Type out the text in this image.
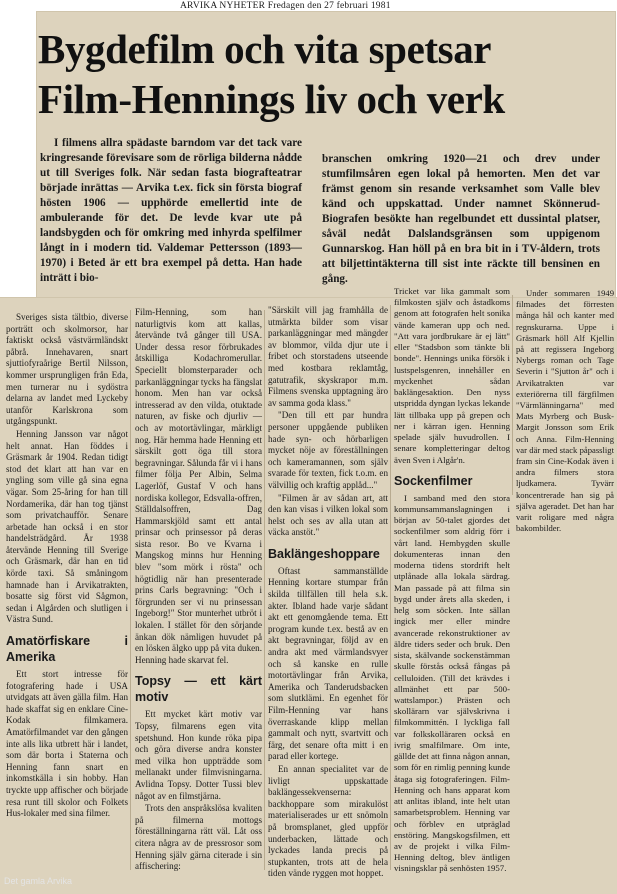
ARVIKA NYHETER Fredagen den 27 februari 1981
Bygdefilm och vita spetsar
Film-Hennings liv och verk

I filmens allra spädaste barndom var det tack vare kringresande förevisare som de rörliga bilderna nådde ut till Sveriges folk. När sedan fasta biografteatrar började inrättas — Arvika t.ex. fick sin första biograf hösten 1906 — upphörde emellertid inte de ambulerande för det. De levde kvar ute på landsbygden och för omkring med inhyrda spelfilmer långt in i modern tid. Valdemar Pettersson (1893—1970) i Beted är ett bra exempel på detta. Han hade inträtt i bio-

branschen omkring 1920—21 och drev under stumfilmsåren egen lokal på hemorten. Men det var främst genom sin resande verksamhet som Valle blev känd och uppskattad. Under namnet Skönnerud-Biografen besökte han regelbundet ett dussintal platser, såväl nedåt Dalslandsgränsen som uppigenom Gunnarskog. Han höll på en bra bit in i TV-åldern, trots att biljettintäkterna till sist inte räckte till bensinen en gång.

Sveriges sista tältbio, diverse porträtt och skolmorsor, har faktiskt också västvärmländskt påbrå. Innehavaren, snart sjuttiofyraårige Bertil Nilsson, kommer ursprungligen från Eda, men turnerar nu i sydöstra delarna av landet med Lyckeby utanför Karlskrona som utgångspunkt.

Henning Jansson var något helt annat. Han föddes i Gräsmark år 1904. Redan tidigt stod det klart att han var en yngling som ville gå sina egna vägar. Som 25-åring for han till Nordamerika, där han tog tjänst som privatchaufför. Senare arbetade han också i en stor handelsträdgård. År 1938 återvände Henning till Sverige och Gräsmark, där han en tid körde taxi. Så småningom hamnade han i Arvikatrakten, bosatte sig först vid Sågmon, sedan i Algården och slutligen i Västra Sund.

Amatörfiskare i Amerika

Ett stort intresse för fotografering hade i USA utvidgats att även gälla film. Han hade skaffat sig en enklare Cine-Kodak filmkamera. Amatörfilmandet var den gången inte alls lika utbrett här i landet, som där borta i Staterna och Henning fann snart en inkomstkälla i sin hobby. Han tryckte upp affischer och började resa runt till skolor och Folkets Hus-lokaler med sina filmer.

Film-Henning, som han naturligtvis kom att kallas, återvände två gånger till USA. Under dessa resor förbrukades åtskilliga Kodachromerullar. Speciellt blomsterparader och parkanläggningar tycks ha fängslat honom. Men han var också intresserad av den vilda, otuktade naturen, av fiske och djurliv — och av motortävlingar, märkligt nog. Här hemma hade Henning ett särskilt gott öga till stora begravningar. Sålunda får vi i hans filmer följa Per Albin, Selma Lagerlöf, Gustaf V och hans nordiska kollegor, Edsvalla-offren, Ställdalsoffren, Dag Hammarskjöld samt ett antal prinsar och prinsessor på deras sista resor. Bo ve Kvarna i Mangskog minns hur Henning blev "som mörk i rösta" och högtidlig när han presenterade prins Carls begravning: "Och i förgrunden ser vi nu prinsessan Ingeborg!" Stor munterhet utbröt i lokalen. I stället för den sörjande änkan dök nämligen huvudet på en lösken älgko upp på vita duken. Henning hade skarvat fel.

Topsy — ett kärt motiv

Ett mycket kärt motiv var Topsy, filmarens egen vita spetshund. Hon kunde röka pipa och göra diverse andra konster med vilka hon uppträdde som mellanakt under filmvisningarna. Avlidna Topsy. Dotter Tussi blev något av en filmstjärna.

Trots den anspråkslösa kvaliten på filmerna mottogs föreställningarna rätt väl. Låt oss citera några av de pressrosor som Henning själv gärna citerade i sin affischering:

"Särskilt vill jag framhålla de utmärkta bilder som visar parkanläggningar med mängder av blommor, vilda djur ute i fribet och storstadens utseende med kostbara reklamtåg, gatutrafik, skyskrapor m.m. Filmens svenska upptagning äro av samma goda klass."

"Den till ett par hundra personer uppgående publiken hade syn- och hörbarligen mycket nöje av föreställningen och kameramannen, som själv svarade för texten, fick t.o.m. en välvillig och kraftig applåd..."

"Filmen är av sådan art, att den kan visas i vilken lokal som helst och ses av alla utan att väcka anstöt."

Baklängeshoppare

Oftast sammanställde Henning kortare stumpar från skilda tillfällen till hela s.k. akter. Ibland hade varje sådant akt ett genomgående tema. Ett program kunde t.ex. bestå av en akt begravningar, följd av en andra akt med värmlandsvyer och så kanske en rulle motortävlingar från Arvika, Amerika och Tanderudsbacken som slutklämi. En egenhet för Film-Henning var hans överraskande klipp mellan gammalt och nytt, svartvitt och färg, det senare ofta mitt i en parad eller kortege.

En annan specialitet var de livligt uppskattade baklängessekvenserna: backhoppare som mirakulöst materialiserades ur ett snömoln på bromsplanet, gled uppför underbacken, lättade och lyckades landa precis på stupkanten, trots att de hela tiden vände ryggen mot hoppet.

Tricket var lika gammalt som filmkosten själv och åstadkoms genom att fotografen helt sonika vände kameran upp och ned. "Att vara jordbrukare är ej lätt" eller "Stadsbon som tänkte bli bonde". Hennings unika försök i lustspelsgenren, innehåller en myckenhet sådan baklängesaktion. Den nyss utspridda dyngan lyckas lekande lätt tillbaka upp på grepen och ner i kärran igen. Henning spelade själv huvudrollen. I senare kompletteringar deltog även Sven i Algår'n.

Sockenfilmer

I samband med den stora kommunsammanslagningen i början av 50-talet gjordes det sockenfilmer som aldrig förr i vårt land. Hembygden skulle dokumenteras innan den moderna tidens stordrift helt utplånade alla lokala särdrag. Man passade på att filma sin bygd under årets alla skeden, i helg som söcken. Inte sällan ingick mer eller mindre avancerade rekonstruktioner av äldre tiders seder och bruk. Den sista, skälvande sockenstämman skulle förstås också fångas på celluloiden. (Till det krävdes i allmänhet ett par 500-wattslampor.) Prästen och skollärarn var självskrivna i filmkommittén. I lyckliga fall var folkskolläraren också en ivrig smalfilmare. Om inte, gällde det att finna någon annan, som för en rimlig penning kunde åtaga sig fotograferingen. Film-Henning och hans apparat kom att anlitas ibland, inte helt utan samarbetsproblem. Henning var och förblev en utpräglad enstöring. Mangskogsfilmen, ett av de projekt i vilka Film-Henning deltog, blev äntligen visningsklar på senhösten 1957.

Under sommaren 1949 filmades det förresten många hål och kanter med regnskurarna. Uppe i Gräsmark höll Alf Kjellin på att regissera Ingeborg Nybergs roman och Tage Severin i "Sjutton år" och i Arvikatrakten var exteriörerna till färgfilmen "Värmlänningarna" med Mats Myrberg och Busk-Margit Jonsson som Erik och Anna. Film-Henning var där med stack påpassligt fram sin Cine-Kodak även i andra filmers stora ljudkamera. Tyvärr koncentrerade han sig på själva ageradet. Det han har varit roligare med några bakombilder.

Det gamla Arvika
